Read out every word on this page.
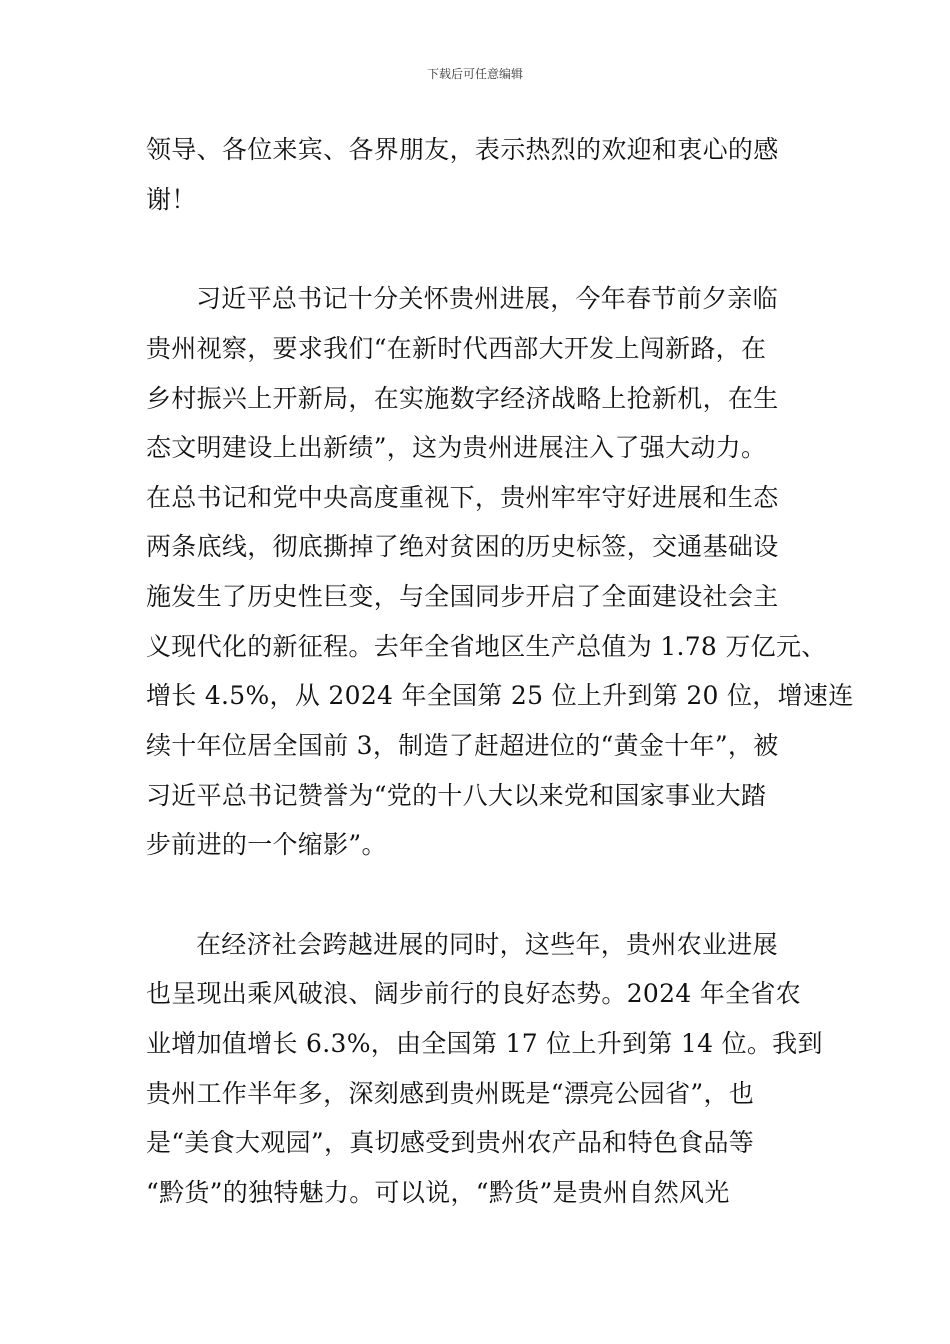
下载后可任意编辑
领导、各位来宾、各界朋友，表示热烈的欢迎和衷心的感
谢！
习近平总书记十分关怀贵州进展，今年春节前夕亲临
贵州视察，要求我们“在新时代西部大开发上闯新路，在
乡村振兴上开新局，在实施数字经济战略上抢新机，在生
态文明建设上出新绩”，这为贵州进展注入了强大动力。
在总书记和党中央高度重视下，贵州牢牢守好进展和生态
两条底线，彻底撕掉了绝对贫困的历史标签，交通基础设
施发生了历史性巨变，与全国同步开启了全面建设社会主
义现代化的新征程。去年全省地区生产总值为 1.78 万亿元、
增长 4.5%，从 2024 年全国第 25 位上升到第 20 位，增速连
续十年位居全国前 3，制造了赶超进位的“黄金十年”，被
习近平总书记赞誉为“党的十八大以来党和国家事业大踏
步前进的一个缩影”。
在经济社会跨越进展的同时，这些年，贵州农业进展
也呈现出乘风破浪、阔步前行的良好态势。2024 年全省农
业增加值增长 6.3%，由全国第 17 位上升到第 14 位。我到
贵州工作半年多，深刻感到贵州既是“漂亮公园省”，也
是“美食大观园”，真切感受到贵州农产品和特色食品等
“黔货”的独特魅力。可以说，“黔货”是贵州自然风光
